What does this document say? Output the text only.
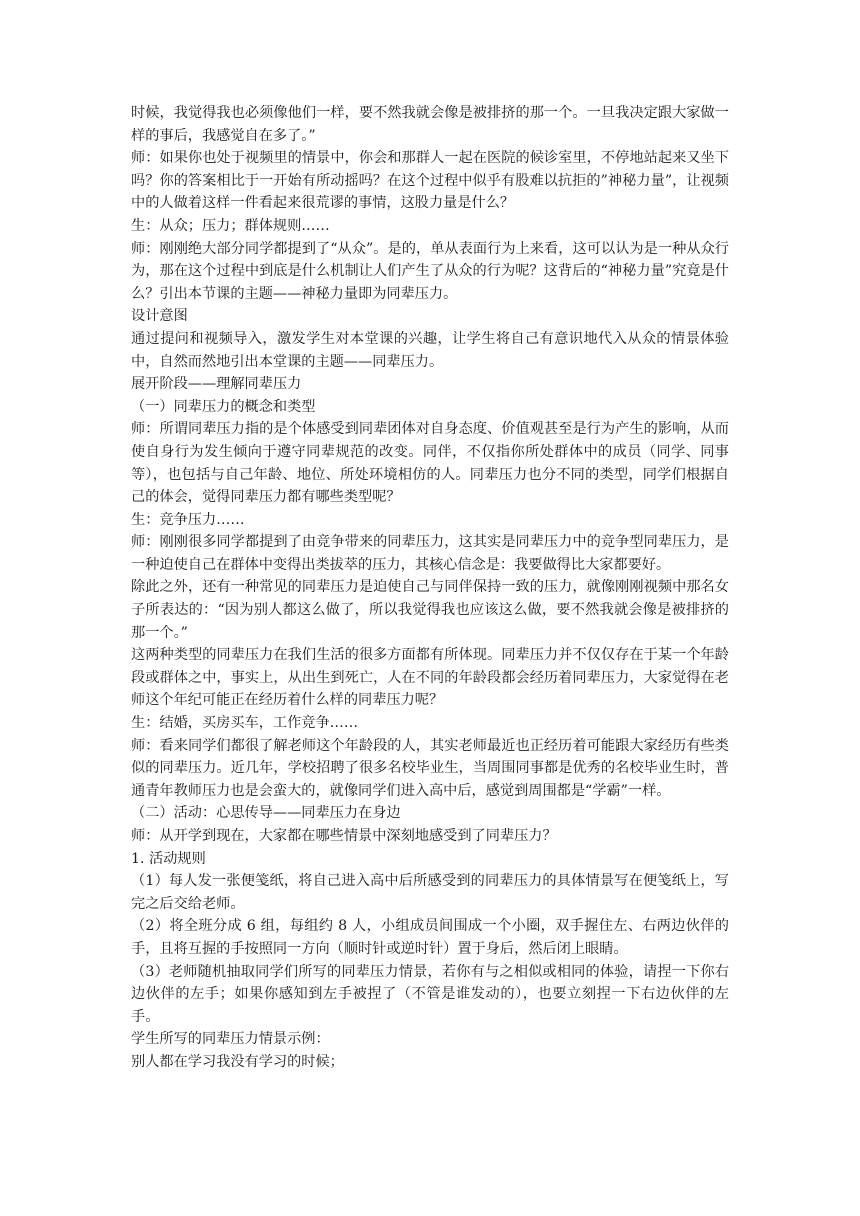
时候，我觉得我也必须像他们一样，要不然我就会像是被排挤的那一个。一旦我决定跟大家做一样的事后，我感觉自在多了。”

师：如果你也处于视频里的情景中，你会和那群人一起在医院的候诊室里，不停地站起来又坐下吗？你的答案相比于一开始有所动摇吗？在这个过程中似乎有股难以抗拒的”神秘力量”，让视频中的人做着这样一件看起来很荒谬的事情，这股力量是什么？

生：从众；压力；群体规则……

师：刚刚绝大部分同学都提到了“从众”。是的，单从表面行为上来看，这可以认为是一种从众行为，那在这个过程中到底是什么机制让人们产生了从众的行为呢？这背后的“神秘力量”究竟是什么？引出本节课的主题——神秘力量即为同辈压力。

设计意图

通过提问和视频导入，激发学生对本堂课的兴趣，让学生将自己有意识地代入从众的情景体验中，自然而然地引出本堂课的主题——同辈压力。

展开阶段——理解同辈压力

（一）同辈压力的概念和类型

师：所谓同辈压力指的是个体感受到同辈团体对自身态度、价值观甚至是行为产生的影响，从而使自身行为发生倾向于遵守同辈规范的改变。同伴，不仅指你所处群体中的成员（同学、同事等），也包括与自己年龄、地位、所处环境相仿的人。同辈压力也分不同的类型，同学们根据自己的体会，觉得同辈压力都有哪些类型呢？

生：竞争压力……

师：刚刚很多同学都提到了由竞争带来的同辈压力，这其实是同辈压力中的竞争型同辈压力，是一种迫使自己在群体中变得出类拔萃的压力，其核心信念是：我要做得比大家都要好。

除此之外，还有一种常见的同辈压力是迫使自己与同伴保持一致的压力，就像刚刚视频中那名女子所表达的：“因为别人都这么做了，所以我觉得我也应该这么做，要不然我就会像是被排挤的那一个。”

这两种类型的同辈压力在我们生活的很多方面都有所体现。同辈压力并不仅仅存在于某一个年龄段或群体之中，事实上，从出生到死亡，人在不同的年龄段都会经历着同辈压力，大家觉得在老师这个年纪可能正在经历着什么样的同辈压力呢？

生：结婚，买房买车，工作竞争……

师：看来同学们都很了解老师这个年龄段的人，其实老师最近也正经历着可能跟大家经历有些类似的同辈压力。近几年，学校招聘了很多名校毕业生，当周围同事都是优秀的名校毕业生时，普通青年教师压力也是会蛮大的，就像同学们进入高中后，感觉到周围都是“学霸”一样。

（二）活动：心思传导——同辈压力在身边

师：从开学到现在，大家都在哪些情景中深刻地感受到了同辈压力？

1. 活动规则

（1）每人发一张便笺纸，将自己进入高中后所感受到的同辈压力的具体情景写在便笺纸上，写完之后交给老师。

（2）将全班分成 6 组，每组约 8 人，小组成员间围成一个小圈，双手握住左、右两边伙伴的手，且将互握的手按照同一方向（顺时针或逆时针）置于身后，然后闭上眼睛。

（3）老师随机抽取同学们所写的同辈压力情景，若你有与之相似或相同的体验，请捏一下你右边伙伴的左手；如果你感知到左手被捏了（不管是谁发动的），也要立刻捏一下右边伙伴的左手。

学生所写的同辈压力情景示例：

别人都在学习我没有学习的时候；
